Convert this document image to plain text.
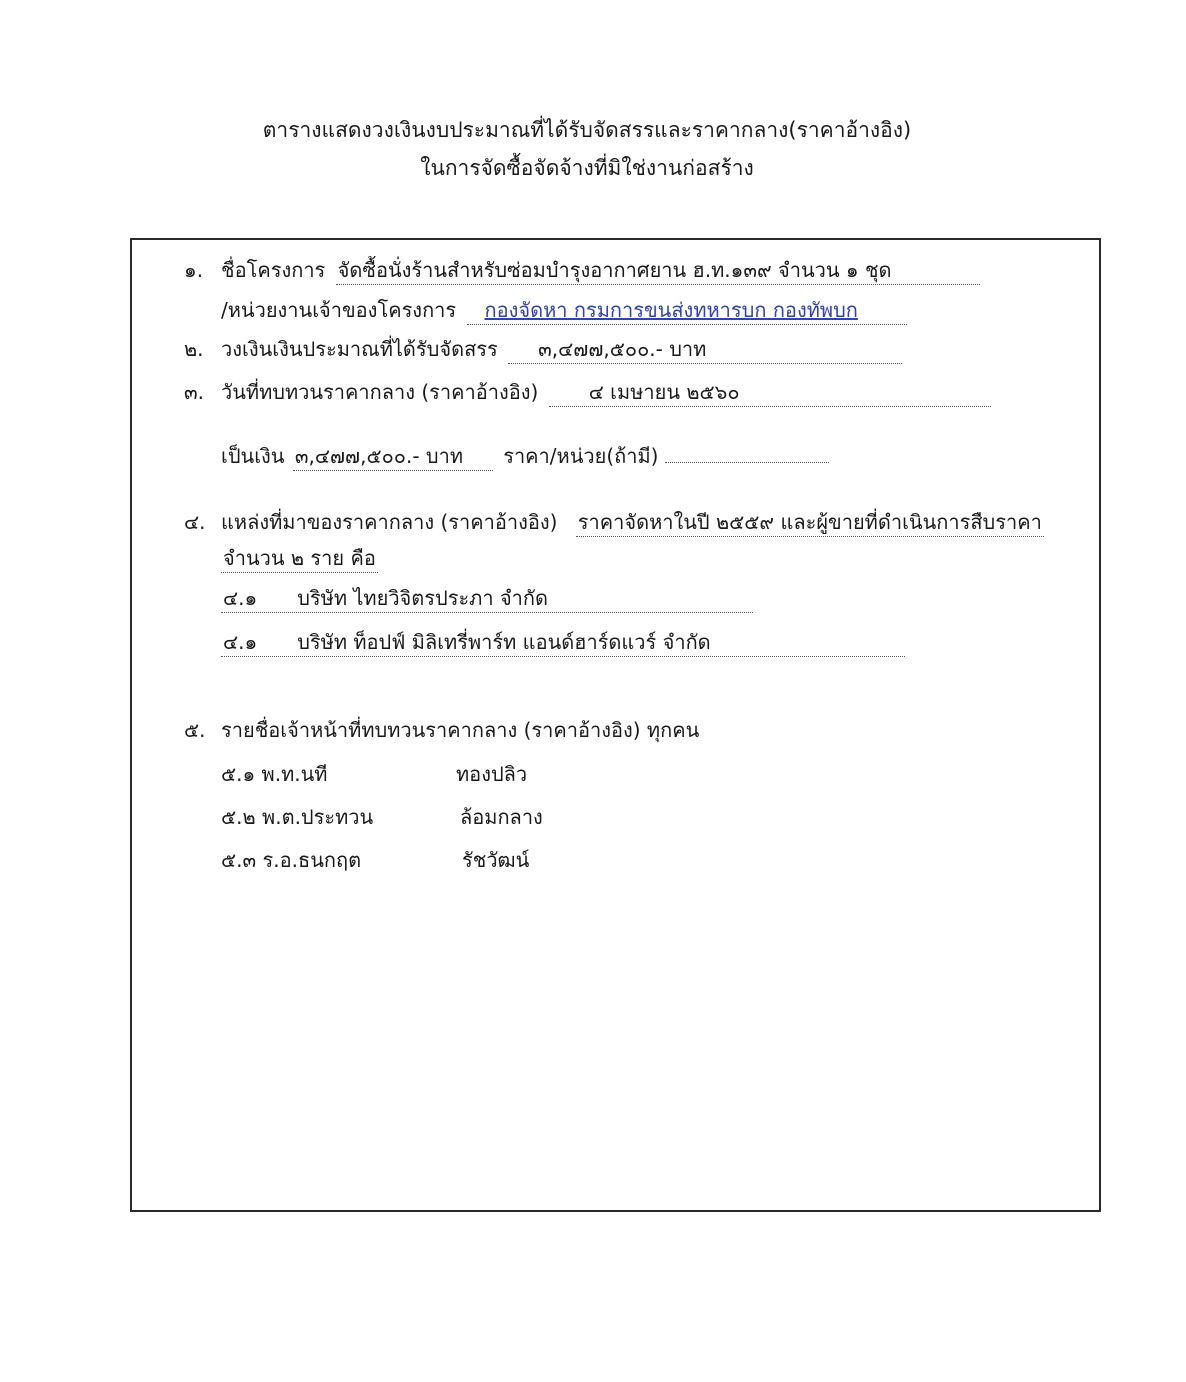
ตารางแสดงวงเงินงบประมาณที่ได้รับจัดสรรและราคากลาง(ราคาอ้างอิง)
ในการจัดซื้อจัดจ้างที่มิใช่งานก่อสร้าง
๑. ชื่อโครงการ จัดซื้อนั่งร้านสำหรับซ่อมบำรุงอากาศยาน ฮ.ท.๑๓๙ จำนวน ๑ ชุด
/หน่วยงานเจ้าของโครงการ กองจัดหา กรมการขนส่งทหารบก กองทัพบก
๒. วงเงินเงินประมาณที่ได้รับจัดสรร ๓,๔๗๗,๕๐๐.- บาท
๓. วันที่ทบทวนราคากลาง (ราคาอ้างอิง)	๔ เมษายน ๒๕๖๐
เป็นเงิน ๓,๔๗๗,๕๐๐.- บาท ราคา/หน่วย(ถ้ามี)
๔. แหล่งที่มาของราคากลาง (ราคาอ้างอิง) ราคาจัดหาในปี ๒๕๕๙ และผู้ขายที่ดำเนินการสืบราคา
จำนวน ๒ ราย คือ
๔.๑ บริษัท ไทยวิจิตรประภา จำกัด
๔.๑ บริษัท ท็อปฟ์ มิลิเทรี่พาร์ท แอนด์ฮาร์ดแวร์ จำกัด
๕. รายชื่อเจ้าหน้าที่ทบทวนราคากลาง (ราคาอ้างอิง) ทุกคน
๕.๑ พ.ท.นที	ทองปลิว
๕.๒ พ.ต.ประทวน	ล้อมกลาง
๕.๓ ร.อ.ธนกฤต	รัชวัฒน์
